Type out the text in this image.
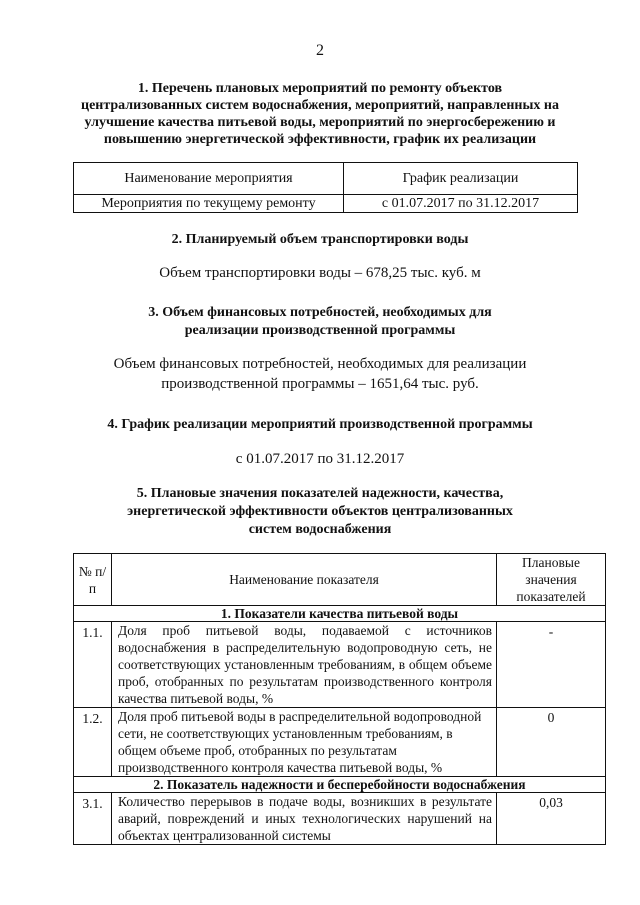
2
1. Перечень плановых мероприятий по ремонту объектов
централизованных систем водоснабжения, мероприятий, направленных на
улучшение качества питьевой воды, мероприятий по энергосбережению и
повышению энергетической эффективности, график их реализации
Наименование мероприятия	График реализации
Мероприятия по текущему ремонту	с 01.07.2017 по 31.12.2017
2. Планируемый объем транспортировки воды
Объем транспортировки воды – 678,25 тыс. куб. м
3. Объем финансовых потребностей, необходимых для
реализации производственной программы
Объем финансовых потребностей, необходимых для реализации
производственной программы – 1651,64 тыс. руб.
4. График реализации мероприятий производственной программы
с 01.07.2017 по 31.12.2017
5. Плановые значения показателей надежности, качества,
энергетической эффективности объектов централизованных
систем водоснабжения
№ п/п	Наименование показателя	Плановые значения показателей
1. Показатели качества питьевой воды		
1.1.	Доля проб питьевой воды, подаваемой с источников водоснабжения в распределительную водопроводную сеть, не соответствующих установленным требованиям, в общем объеме проб, отобранных по результатам производственного контроля качества питьевой воды, %	-
1.2.	Доля проб питьевой воды в распределительной водопроводной сети, не соответствующих установленным требованиям, в общем объеме проб, отобранных по результатам производственного контроля качества питьевой воды, %	0
2. Показатель надежности и бесперебойности водоснабжения		
3.1.	Количество перерывов в подаче воды, возникших в результате аварий, повреждений и иных технологических нарушений на объектах централизованной системы	0,03
